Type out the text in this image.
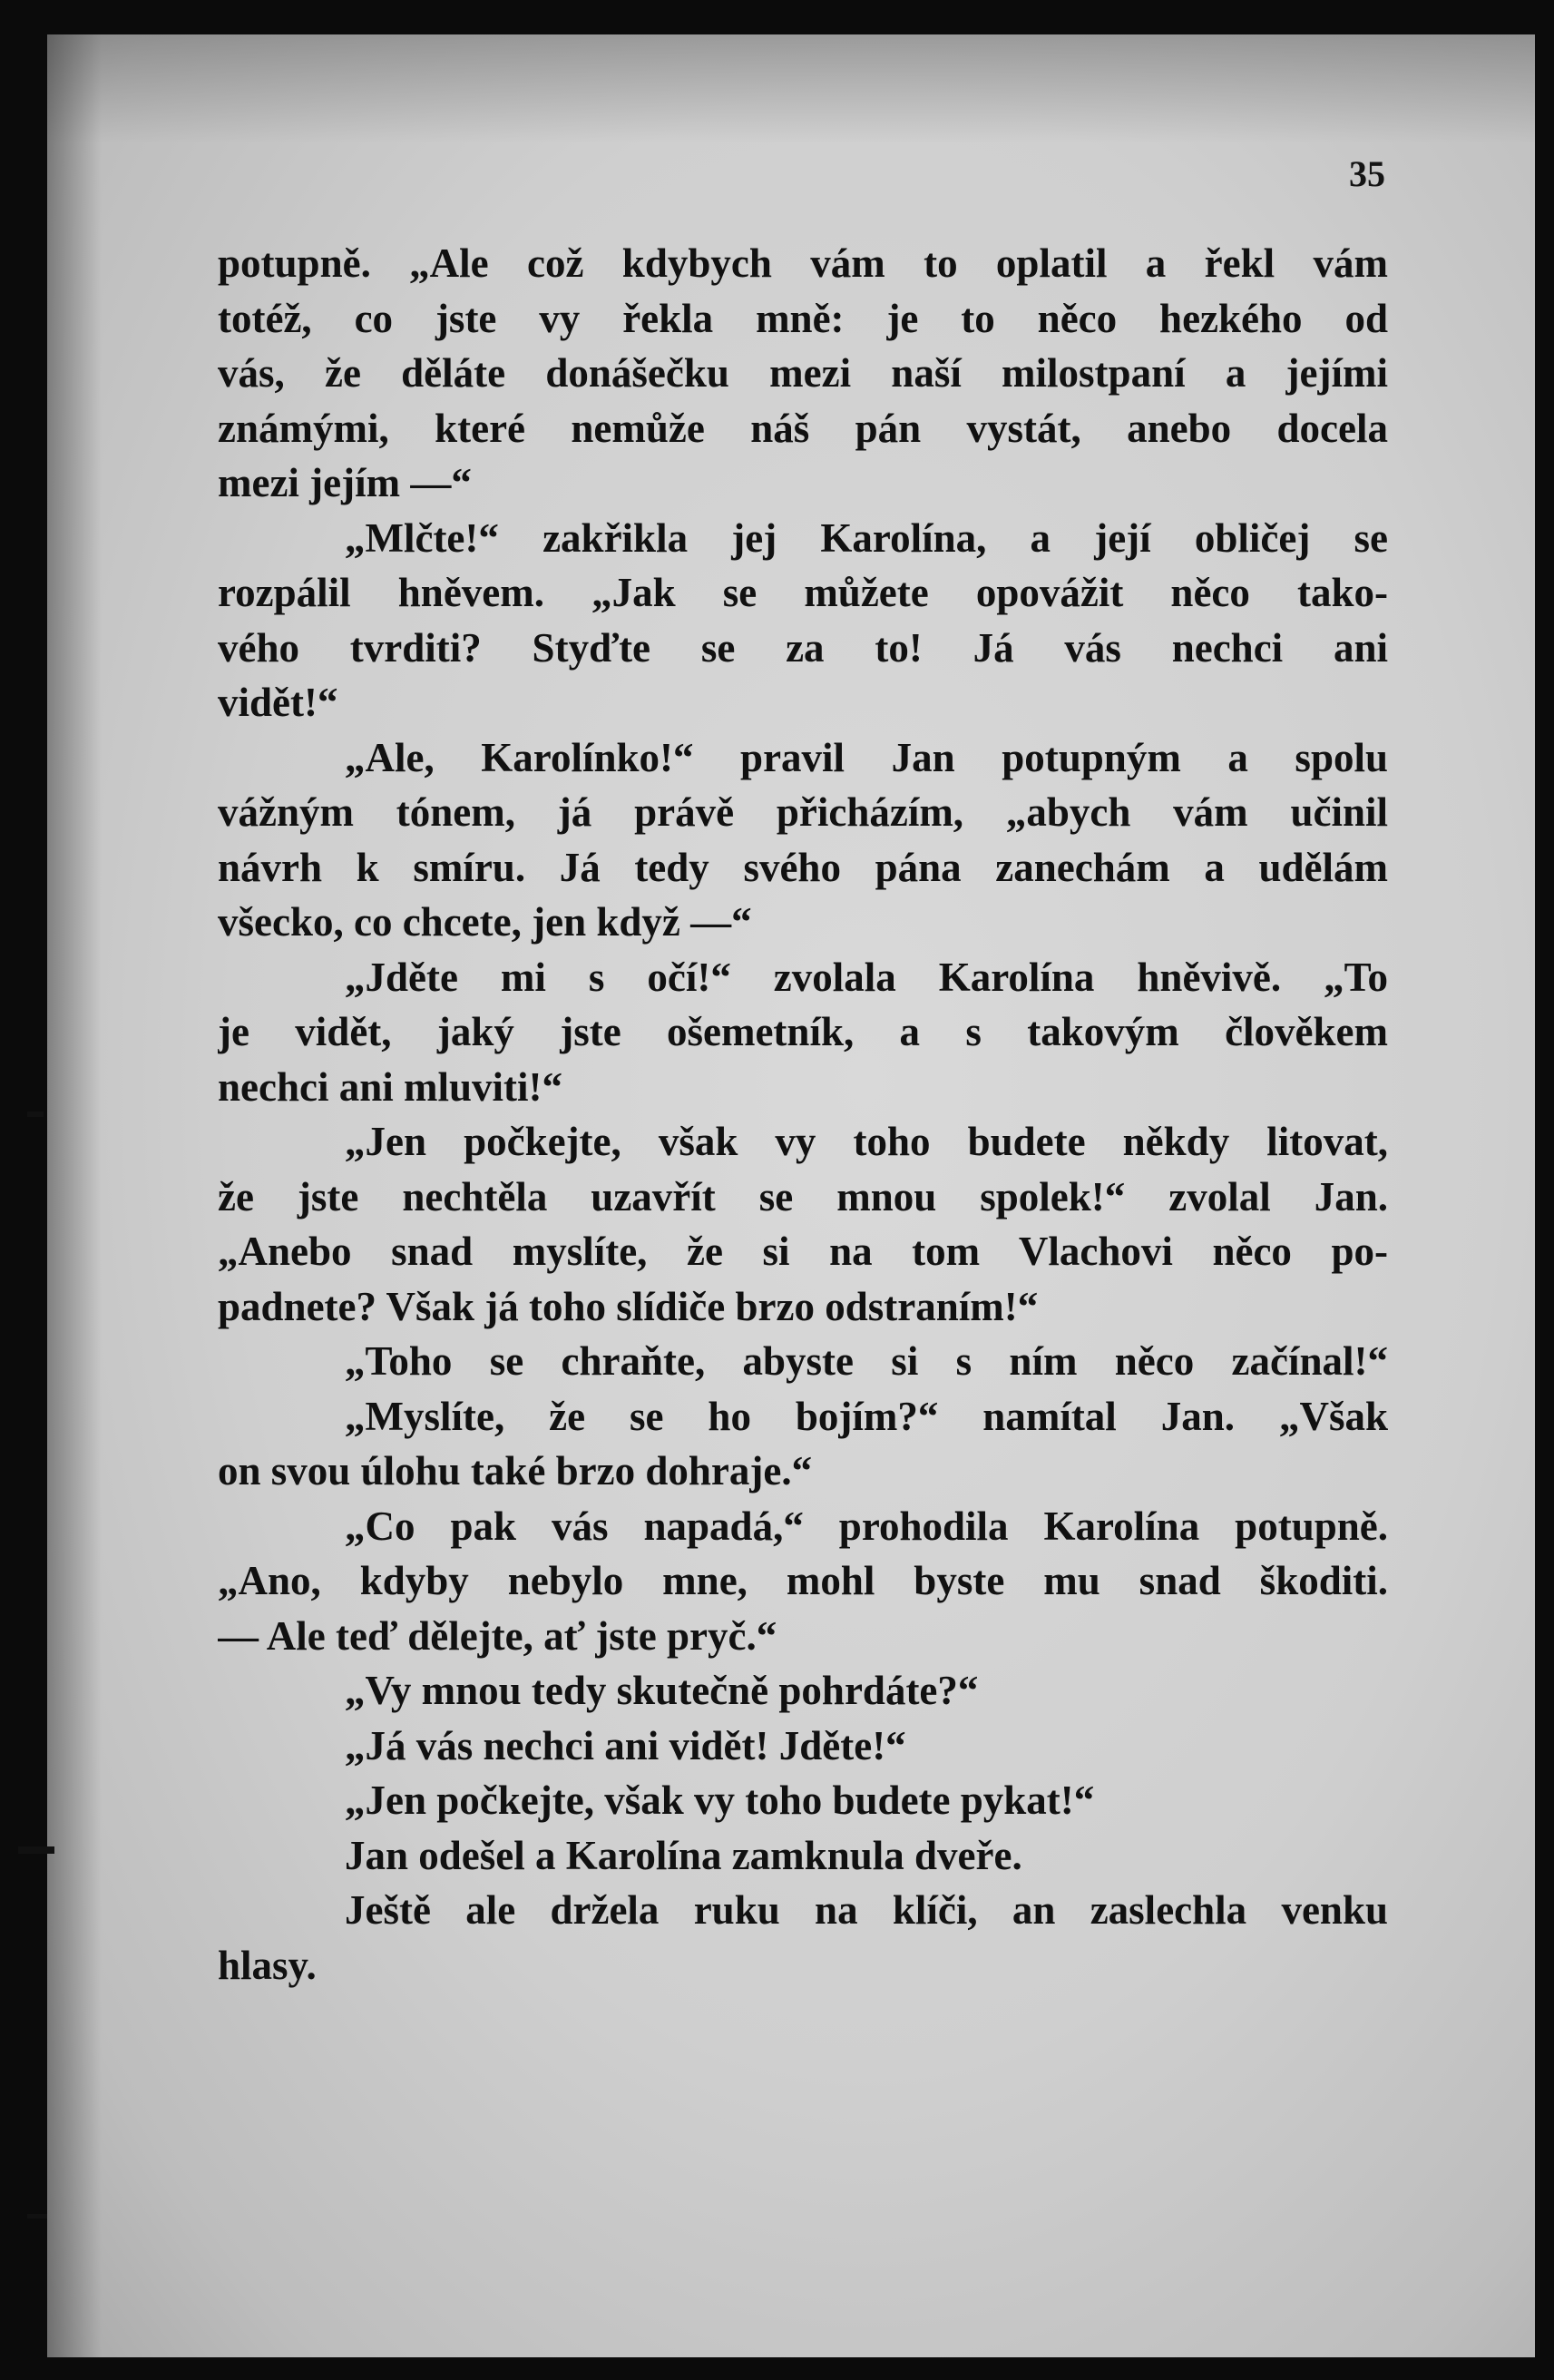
35
potupně. „Ale což kdybych vám to oplatil a řekl vám
totéž, co jste vy řekla mně: je to něco hezkého od
vás, že děláte donášečku mezi naší milostpaní a jejími
známými, které nemůže náš pán vystát, anebo docela
mezi jejím —“
„Mlčte!“ zakřikla jej Karolína, a její obličej se
rozpálil hněvem. „Jak se můžete opovážit něco tako-
vého tvrditi? Styďte se za to! Já vás nechci ani
vidět!“
„Ale, Karolínko!“ pravil Jan potupným a spolu
vážným tónem, já právě přicházím, „abych vám učinil
návrh k smíru. Já tedy svého pána zanechám a udělám
všecko, co chcete, jen když —“
„Jděte mi s očí!“ zvolala Karolína hněvivě. „To
je vidět, jaký jste ošemetník, a s takovým člověkem
nechci ani mluviti!“
„Jen počkejte, však vy toho budete někdy litovat,
že jste nechtěla uzavřít se mnou spolek!“ zvolal Jan.
„Anebo snad myslíte, že si na tom Vlachovi něco po-
padnete? Však já toho slídiče brzo odstraním!“
„Toho se chraňte, abyste si s ním něco začínal!“
„Myslíte, že se ho bojím?“ namítal Jan. „Však
on svou úlohu také brzo dohraje.“
„Co pak vás napadá,“ prohodila Karolína potupně.
„Ano, kdyby nebylo mne, mohl byste mu snad škoditi.
— Ale teď dělejte, ať jste pryč.“
„Vy mnou tedy skutečně pohrdáte?“
„Já vás nechci ani vidět! Jděte!“
„Jen počkejte, však vy toho budete pykat!“
Jan odešel a Karolína zamknula dveře.
Ještě ale držela ruku na klíči, an zaslechla venku
hlasy.
